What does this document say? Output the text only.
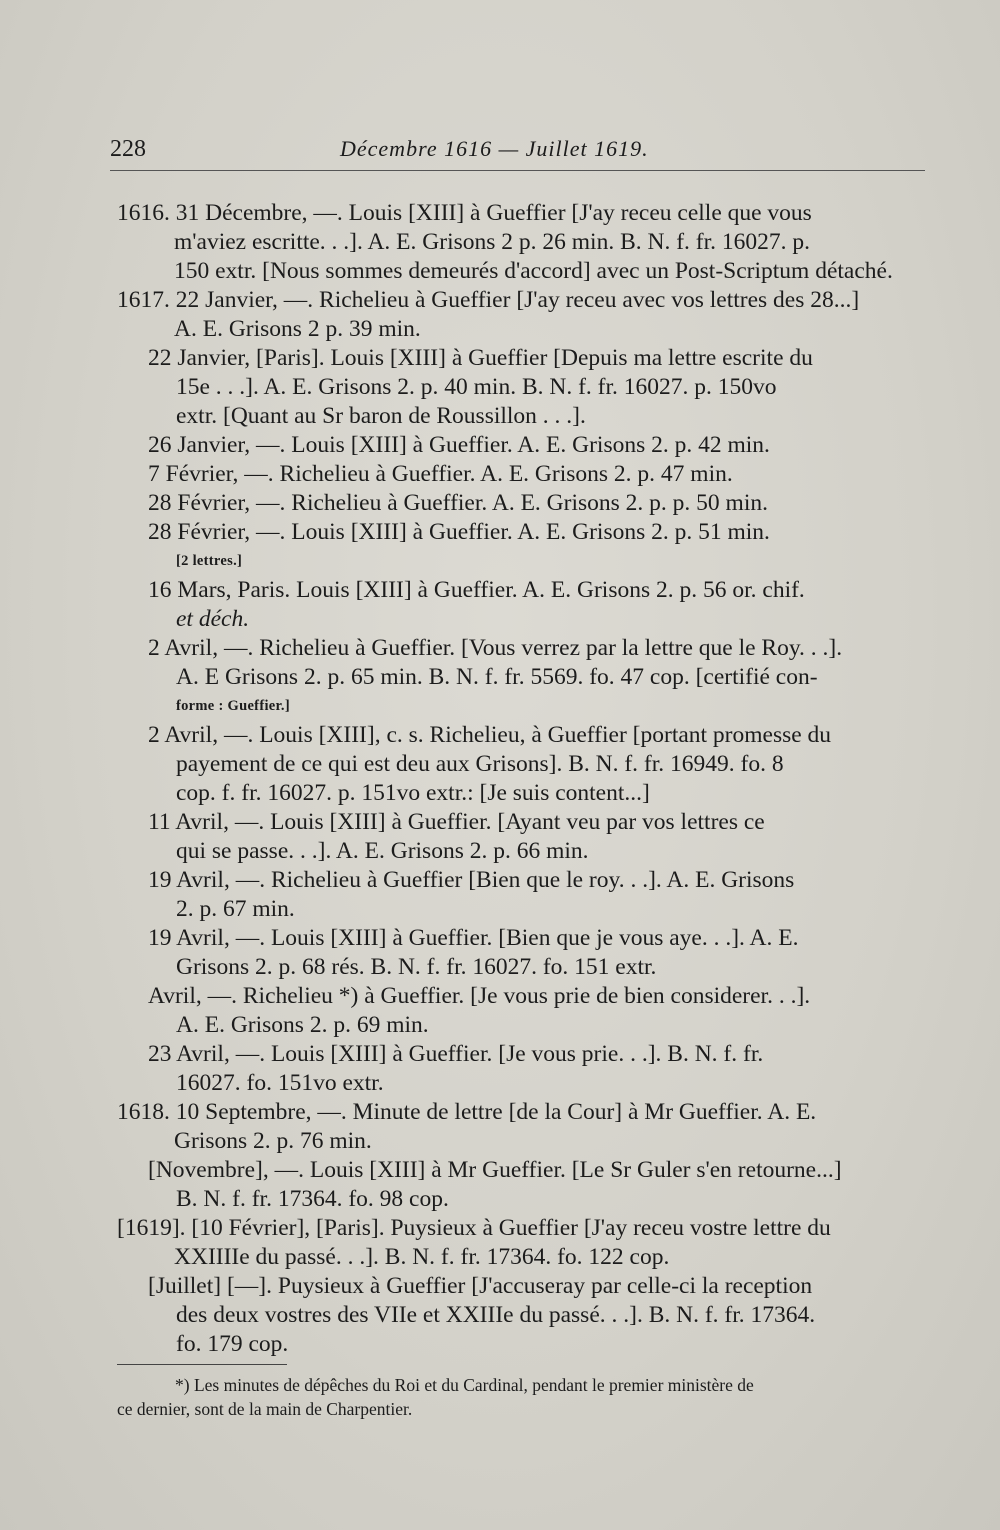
228	Décembre 1616 — Juillet 1619.
1616. 31 Décembre, —. Louis [XIII] à Gueffier [J'ay receu celle que vous
m'aviez escritte. . .]. A. E. Grisons 2 p. 26 min. B. N. f. fr. 16027. p.
150 extr. [Nous sommes demeurés d'accord] avec un Post-Scriptum détaché.
1617. 22 Janvier, —. Richelieu à Gueffier [J'ay receu avec vos lettres des 28...]
A. E. Grisons 2 p. 39 min.
22 Janvier, [Paris]. Louis [XIII] à Gueffier [Depuis ma lettre escrite du
15e . . .]. A. E. Grisons 2. p. 40 min. B. N. f. fr. 16027. p. 150vo
extr. [Quant au Sr baron de Roussillon . . .].
26 Janvier, —. Louis [XIII] à Gueffier. A. E. Grisons 2. p. 42 min.
7 Février, —. Richelieu à Gueffier. A. E. Grisons 2. p. 47 min.
28 Février, —. Richelieu à Gueffier. A. E. Grisons 2. p. p. 50 min.
28 Février, —. Louis [XIII] à Gueffier. A. E. Grisons 2. p. 51 min.
[2 lettres.]
16 Mars, Paris. Louis [XIII] à Gueffier. A. E. Grisons 2. p. 56 or. chif.
et déch.
2 Avril, —. Richelieu à Gueffier. [Vous verrez par la lettre que le Roy. . .].
A. E Grisons 2. p. 65 min. B. N. f. fr. 5569. fo. 47 cop. [certifié con-
forme : Gueffier.]
2 Avril, —. Louis [XIII], c. s. Richelieu, à Gueffier [portant promesse du
payement de ce qui est deu aux Grisons]. B. N. f. fr. 16949. fo. 8
cop. f. fr. 16027. p. 151vo extr.: [Je suis content...]
11 Avril, —. Louis [XIII] à Gueffier. [Ayant veu par vos lettres ce
qui se passe. . .]. A. E. Grisons 2. p. 66 min.
19 Avril, —. Richelieu à Gueffier [Bien que le roy. . .]. A. E. Grisons
2. p. 67 min.
19 Avril, —. Louis [XIII] à Gueffier. [Bien que je vous aye. . .]. A. E.
Grisons 2. p. 68 rés. B. N. f. fr. 16027. fo. 151 extr.
Avril, —. Richelieu *) à Gueffier. [Je vous prie de bien considerer. . .].
A. E. Grisons 2. p. 69 min.
23 Avril, —. Louis [XIII] à Gueffier. [Je vous prie. . .]. B. N. f. fr.
16027. fo. 151vo extr.
1618. 10 Septembre, —. Minute de lettre [de la Cour] à Mr Gueffier. A. E.
Grisons 2. p. 76 min.
[Novembre], —. Louis [XIII] à Mr Gueffier. [Le Sr Guler s'en retourne...]
B. N. f. fr. 17364. fo. 98 cop.
[1619]. [10 Février], [Paris]. Puysieux à Gueffier [J'ay receu vostre lettre du
XXIIIIe du passé. . .]. B. N. f. fr. 17364. fo. 122 cop.
[Juillet] [—]. Puysieux à Gueffier [J'accuseray par celle-ci la reception
des deux vostres des VIIe et XXIIIe du passé. . .]. B. N. f. fr. 17364.
fo. 179 cop.
*) Les minutes de dépêches du Roi et du Cardinal, pendant le premier ministère de
ce dernier, sont de la main de Charpentier.
